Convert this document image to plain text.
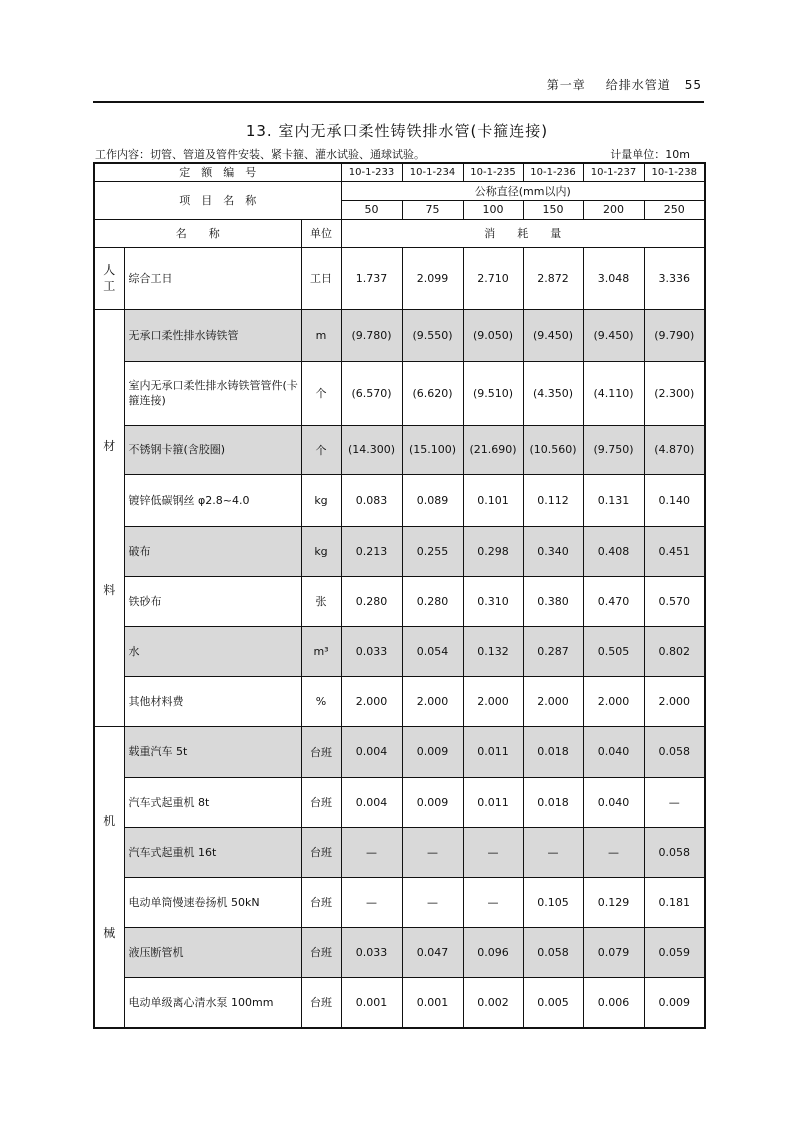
第一章 给排水管道 55
13. 室内无承口柔性铸铁排水管(卡箍连接)
工作内容：切管、管道及管件安装、紧卡箍、灌水试验、通球试验。	计量单位：10m
定　额　编　号			10-1-233	10-1-234	10-1-235	10-1-236	10-1-237	10-1-238
项　目　名　称			公称直径(mm以内)					
			50	75	100	150	200	250
名　　称		单位	消　　耗　　量					

人
工	综合工日	工日	1.737	2.099	2.710	2.872	3.048	3.336

材
料	无承口柔性排水铸铁管	m	(9.780)	(9.550)	(9.050)	(9.450)	(9.450)	(9.790)
	室内无承口柔性排水铸铁管管件(卡箍连接)	个	(6.570)	(6.620)	(9.510)	(4.350)	(4.110)	(2.300)
	不锈钢卡箍(含胶圈)	个	(14.300)	(15.100)	(21.690)	(10.560)	(9.750)	(4.870)
	镀锌低碳钢丝 φ2.8~4.0	kg	0.083	0.089	0.101	0.112	0.131	0.140
	破布	kg	0.213	0.255	0.298	0.340	0.408	0.451
	铁砂布	张	0.280	0.280	0.310	0.380	0.470	0.570
	水	m³	0.033	0.054	0.132	0.287	0.505	0.802
	其他材料费	%	2.000	2.000	2.000	2.000	2.000	2.000

机
械	载重汽车 5t	台班	0.004	0.009	0.011	0.018	0.040	0.058
	汽车式起重机 8t	台班	0.004	0.009	0.011	0.018	0.040	—
	汽车式起重机 16t	台班	—	—	—	—	—	0.058
	电动单筒慢速卷扬机 50kN	台班	—	—	—	0.105	0.129	0.181
	液压断管机	台班	0.033	0.047	0.096	0.058	0.079	0.059
	电动单级离心清水泵 100mm	台班	0.001	0.001	0.002	0.005	0.006	0.009
